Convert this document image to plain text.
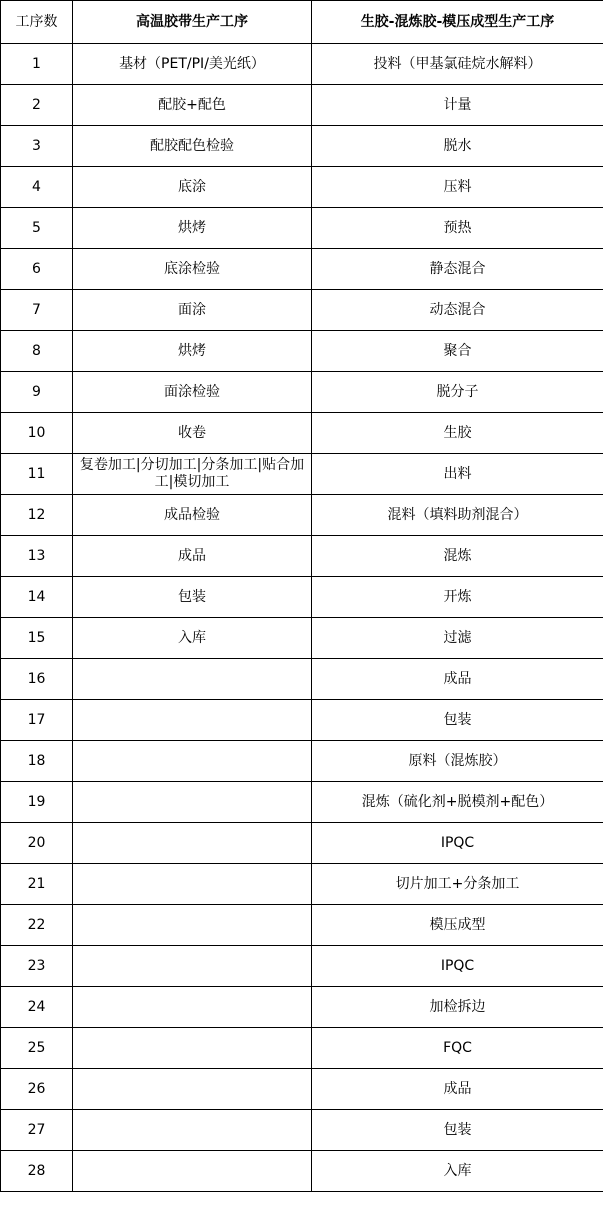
工序数	高温胶带生产工序	生胶-混炼胶-模压成型生产工序
1	基材（PET/PI/美光纸）	投料（甲基氯硅烷水解料）
2	配胶+配色	计量
3	配胶配色检验	脱水
4	底涂	压料
5	烘烤	预热
6	底涂检验	静态混合
7	面涂	动态混合
8	烘烤	聚合
9	面涂检验	脱分子
10	收卷	生胶
11	复卷加工|分切加工|分条加工|贴合加工|模切加工	出料
12	成品检验	混料（填料助剂混合）
13	成品	混炼
14	包装	开炼
15	入库	过滤
16		成品
17		包装
18		原料（混炼胶）
19		混炼（硫化剂+脱模剂+配色）
20		IPQC
21		切片加工+分条加工
22		模压成型
23		IPQC
24		加检拆边
25		FQC
26		成品
27		包装
28		入库
